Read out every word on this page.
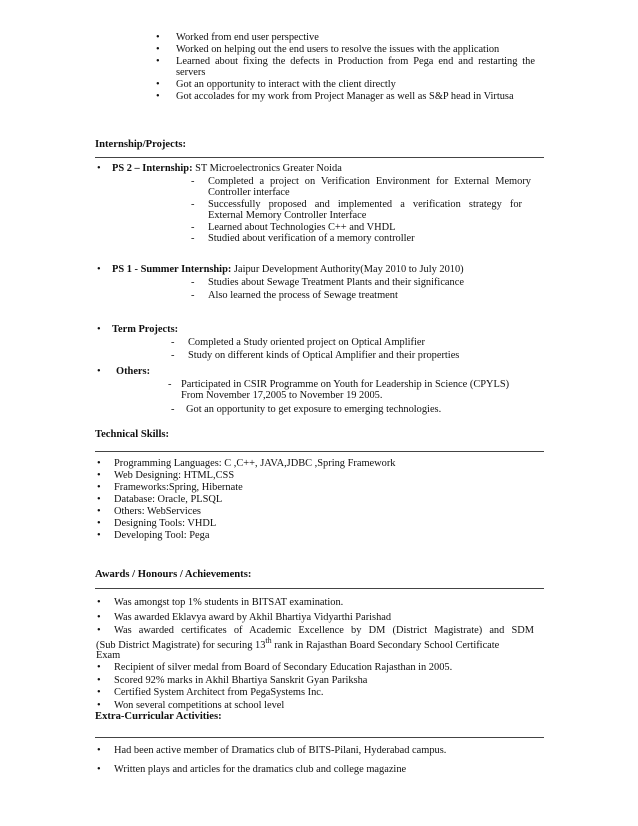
• Worked from end user perspective
• Worked on helping out the end users to resolve the issues with the application
• Learned about fixing the defects in Production from Pega end and restarting the
servers
• Got an opportunity to interact with the client directly
• Got accolades for my work from Project Manager as well as S&P head in Virtusa
Internship/Projects:
• PS 2 – Internship: ST Microelectronics Greater Noida
- Completed a project on Verification Environment for External Memory
Controller interface
- Successfully proposed and implemented a verification strategy for
External Memory Controller Interface
- Learned about Technologies C++ and VHDL
- Studied about verification of a memory controller
• PS 1 - Summer Internship: Jaipur Development Authority(May 2010 to July 2010)
- Studies about Sewage Treatment Plants and their significance
- Also learned the process of Sewage treatment
• Term Projects:
- Completed a Study oriented project on Optical Amplifier
- Study on different kinds of Optical Amplifier and their properties
• Others:
- Participated in CSIR Programme on Youth for Leadership in Science (CPYLS)
From November 17,2005 to November 19 2005.
- Got an opportunity to get exposure to emerging technologies.
Technical Skills:
• Programming Languages: C ,C++, JAVA,JDBC ,Spring Framework
• Web Designing: HTML,CSS
• Frameworks:Spring, Hibernate
• Database: Oracle, PLSQL
• Others: WebServices
• Designing Tools: VHDL
• Developing Tool: Pega
Awards / Honours / Achievements:
• Was amongst top 1% students in BITSAT examination.
• Was awarded Eklavya award by Akhil Bhartiya Vidyarthi Parishad
• Was awarded certificates of Academic Excellence by DM (District Magistrate) and SDM
(Sub District Magistrate) for securing 13th rank in Rajasthan Board Secondary School Certificate
Exam
• Recipient of silver medal from Board of Secondary Education Rajasthan in 2005.
• Scored 92% marks in Akhil Bhartiya Sanskrit Gyan Pariksha
• Certified System Architect from PegaSystems Inc.
• Won several competitions at school level
Extra-Curricular Activities:
• Had been active member of Dramatics club of BITS-Pilani, Hyderabad campus.
• Written plays and articles for the dramatics club and college magazine
